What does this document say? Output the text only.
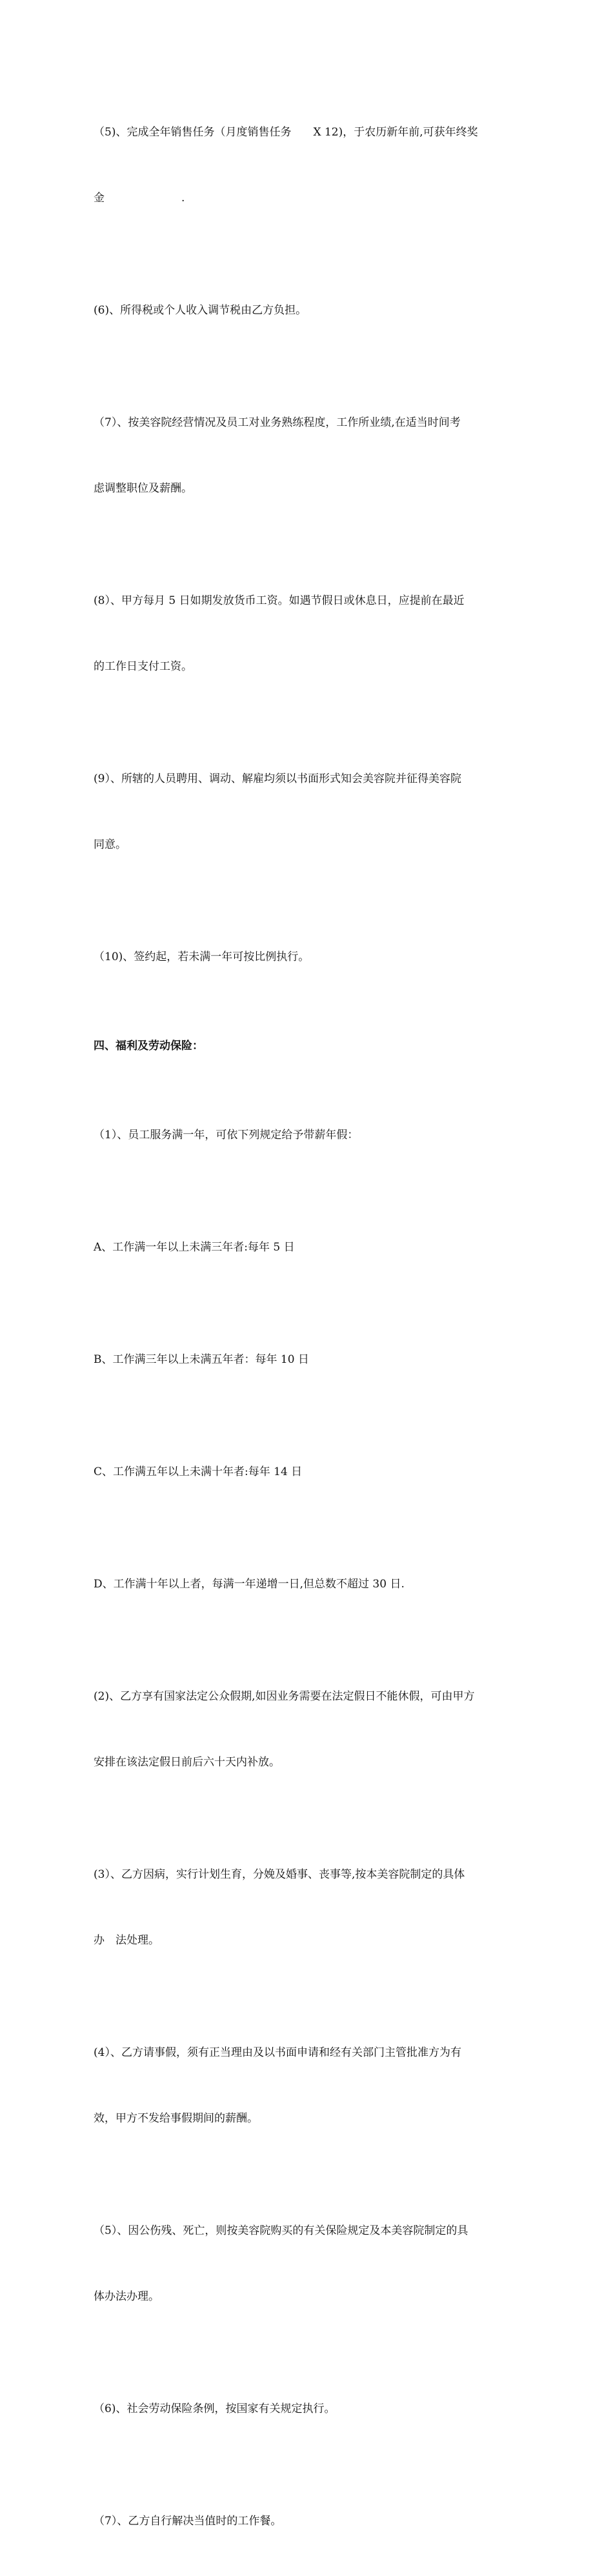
（5)、完成全年销售任务（月度销售任务　　X 12)，于农历新年前,可获年终奖

金　　　　　　　.

(6)、所得税或个人收入调节税由乙方负担。

（7）、按美容院经营情况及员工对业务熟练程度，工作所业绩,在适当时间考

虑调整职位及薪酬。

(8）、甲方每月 5 日如期发放货币工资。如遇节假日或休息日，应提前在最近

的工作日支付工资。

(9）、所辖的人员聘用、调动、解雇均须以书面形式知会美容院并征得美容院

同意。

（10)、签约起，若未满一年可按比例执行。

四、福利及劳动保险：

（1）、员工服务满一年，可依下列规定给予带薪年假：

A、工作满一年以上未满三年者:每年 5 日

B、工作满三年以上未满五年者：每年 10 日

C、工作满五年以上未满十年者:每年 14 日

D、工作满十年以上者，每满一年递增一日,但总数不超过 30 日.

(2)、乙方享有国家法定公众假期,如因业务需要在法定假日不能休假，可由甲方

安排在该法定假日前后六十天内补放。

(3）、乙方因病，实行计划生育，分娩及婚事、丧事等,按本美容院制定的具体

办　法处理。

(4）、乙方请事假，须有正当理由及以书面申请和经有关部门主管批准方为有

效，甲方不发给事假期间的薪酬。

（5）、因公伤残、死亡，则按美容院购买的有关保险规定及本美容院制定的具

体办法办理。

（6)、社会劳动保险条例，按国家有关规定执行。

（7）、乙方自行解决当值时的工作餐。
